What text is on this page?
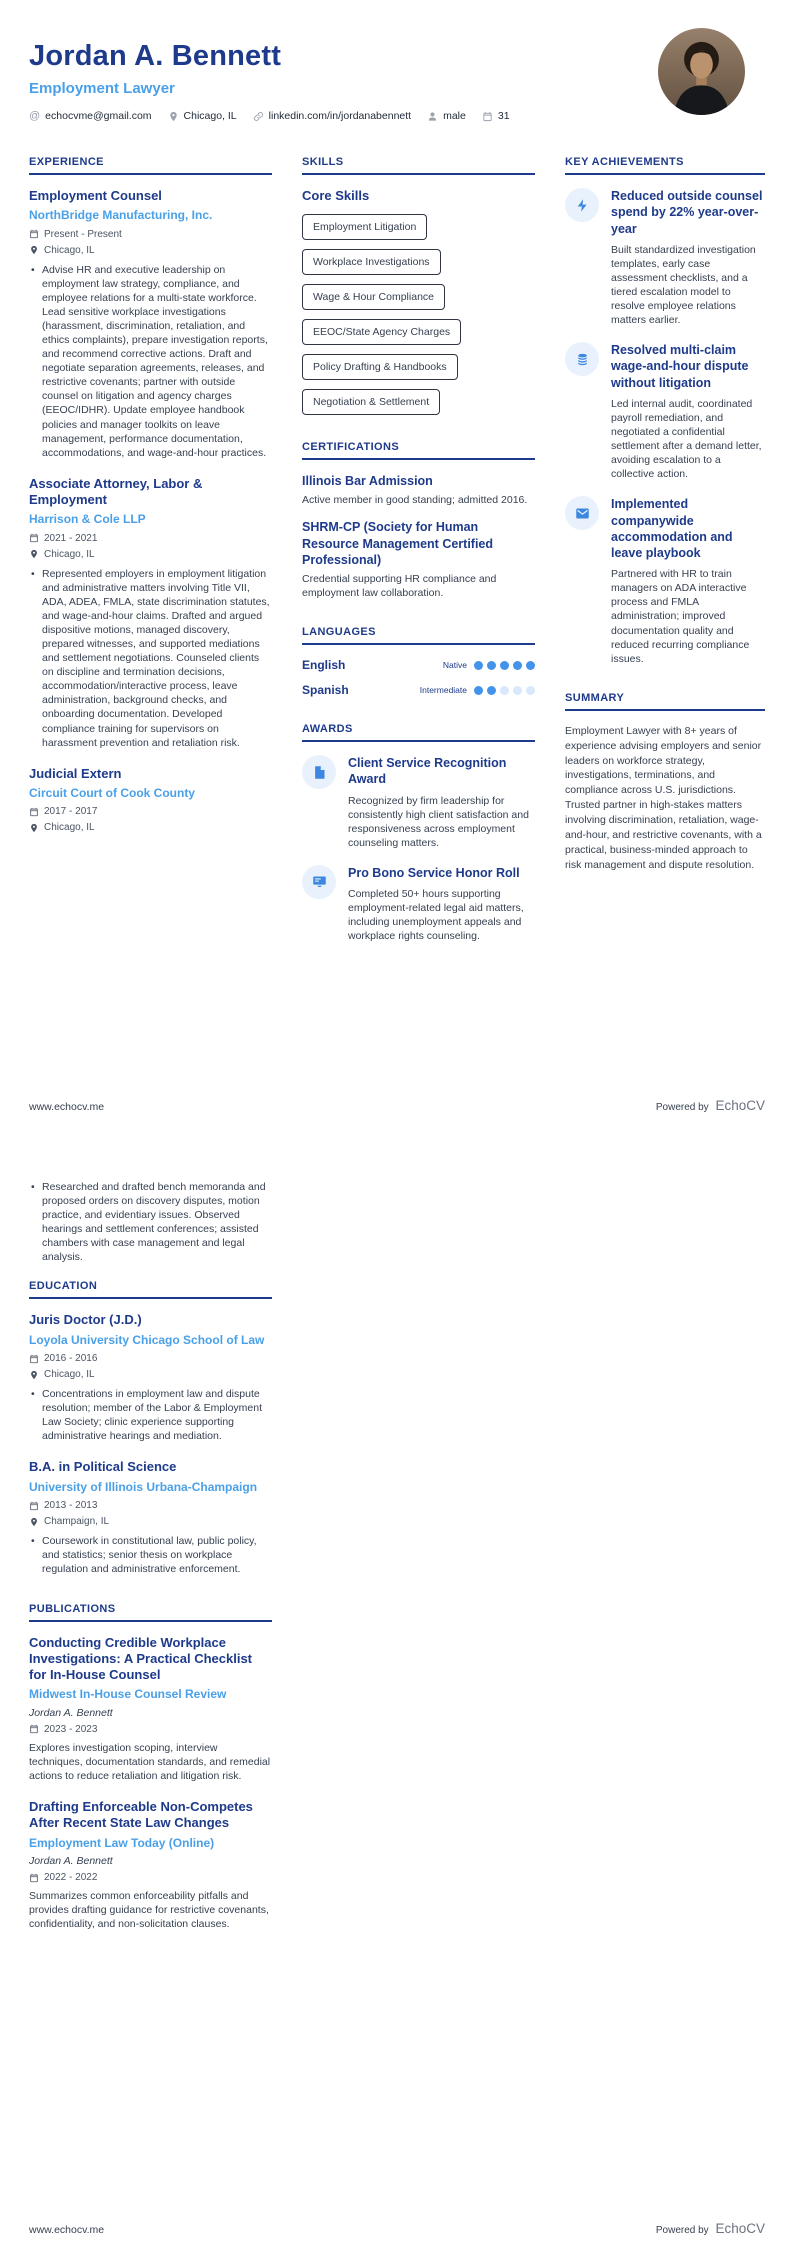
Jordan A. Bennett
Employment Lawyer
@ echocvme@gmail.com	Chicago, IL	linkedin.com/in/jordanabennett	male	31
EXPERIENCE
Employment Counsel
NorthBridge Manufacturing, Inc.
Present - Present
Chicago, IL
• Advise HR and executive leadership on employment law strategy, compliance, and employee relations for a multi-state workforce. Lead sensitive workplace investigations (harassment, discrimination, retaliation, and ethics complaints), prepare investigation reports, and recommend corrective actions. Draft and negotiate separation agreements, releases, and restrictive covenants; partner with outside counsel on litigation and agency charges (EEOC/IDHR). Update employee handbook policies and manager toolkits on leave management, performance documentation, accommodations, and wage-and-hour practices.
Associate Attorney, Labor & Employment
Harrison & Cole LLP
2021 - 2021
Chicago, IL
• Represented employers in employment litigation and administrative matters involving Title VII, ADA, ADEA, FMLA, state discrimination statutes, and wage-and-hour claims. Drafted and argued dispositive motions, managed discovery, prepared witnesses, and supported mediations and settlement negotiations. Counseled clients on discipline and termination decisions, accommodation/interactive process, leave administration, background checks, and onboarding documentation. Developed compliance training for supervisors on harassment prevention and retaliation risk.
Judicial Extern
Circuit Court of Cook County
2017 - 2017
Chicago, IL
SKILLS
Core Skills
Employment Litigation
Workplace Investigations
Wage & Hour Compliance
EEOC/State Agency Charges
Policy Drafting & Handbooks
Negotiation & Settlement
CERTIFICATIONS
Illinois Bar Admission
Active member in good standing; admitted 2016.
SHRM-CP (Society for Human Resource Management Certified Professional)
Credential supporting HR compliance and employment law collaboration.
LANGUAGES
English	Native
Spanish	Intermediate
AWARDS
Client Service Recognition Award
Recognized by firm leadership for consistently high client satisfaction and responsiveness across employment counseling matters.
Pro Bono Service Honor Roll
Completed 50+ hours supporting employment-related legal aid matters, including unemployment appeals and workplace rights counseling.
KEY ACHIEVEMENTS
Reduced outside counsel spend by 22% year-over-year
Built standardized investigation templates, early case assessment checklists, and a tiered escalation model to resolve employee relations matters earlier.
Resolved multi-claim wage-and-hour dispute without litigation
Led internal audit, coordinated payroll remediation, and negotiated a confidential settlement after a demand letter, avoiding escalation to a collective action.
Implemented companywide accommodation and leave playbook
Partnered with HR to train managers on ADA interactive process and FMLA administration; improved documentation quality and reduced recurring compliance issues.
SUMMARY
Employment Lawyer with 8+ years of experience advising employers and senior leaders on workforce strategy, investigations, terminations, and compliance across U.S. jurisdictions. Trusted partner in high-stakes matters involving discrimination, retaliation, wage-and-hour, and restrictive covenants, with a practical, business-minded approach to risk management and dispute resolution.
www.echocv.me	Powered by EchoCV
• Researched and drafted bench memoranda and proposed orders on discovery disputes, motion practice, and evidentiary issues. Observed hearings and settlement conferences; assisted chambers with case management and legal analysis.
EDUCATION
Juris Doctor (J.D.)
Loyola University Chicago School of Law
2016 - 2016
Chicago, IL
• Concentrations in employment law and dispute resolution; member of the Labor & Employment Law Society; clinic experience supporting administrative hearings and mediation.
B.A. in Political Science
University of Illinois Urbana-Champaign
2013 - 2013
Champaign, IL
• Coursework in constitutional law, public policy, and statistics; senior thesis on workplace regulation and administrative enforcement.
PUBLICATIONS
Conducting Credible Workplace Investigations: A Practical Checklist for In-House Counsel
Midwest In-House Counsel Review
Jordan A. Bennett
2023 - 2023
Explores investigation scoping, interview techniques, documentation standards, and remedial actions to reduce retaliation and litigation risk.
Drafting Enforceable Non-Competes After Recent State Law Changes
Employment Law Today (Online)
Jordan A. Bennett
2022 - 2022
Summarizes common enforceability pitfalls and provides drafting guidance for restrictive covenants, confidentiality, and non-solicitation clauses.
www.echocv.me	Powered by EchoCV
